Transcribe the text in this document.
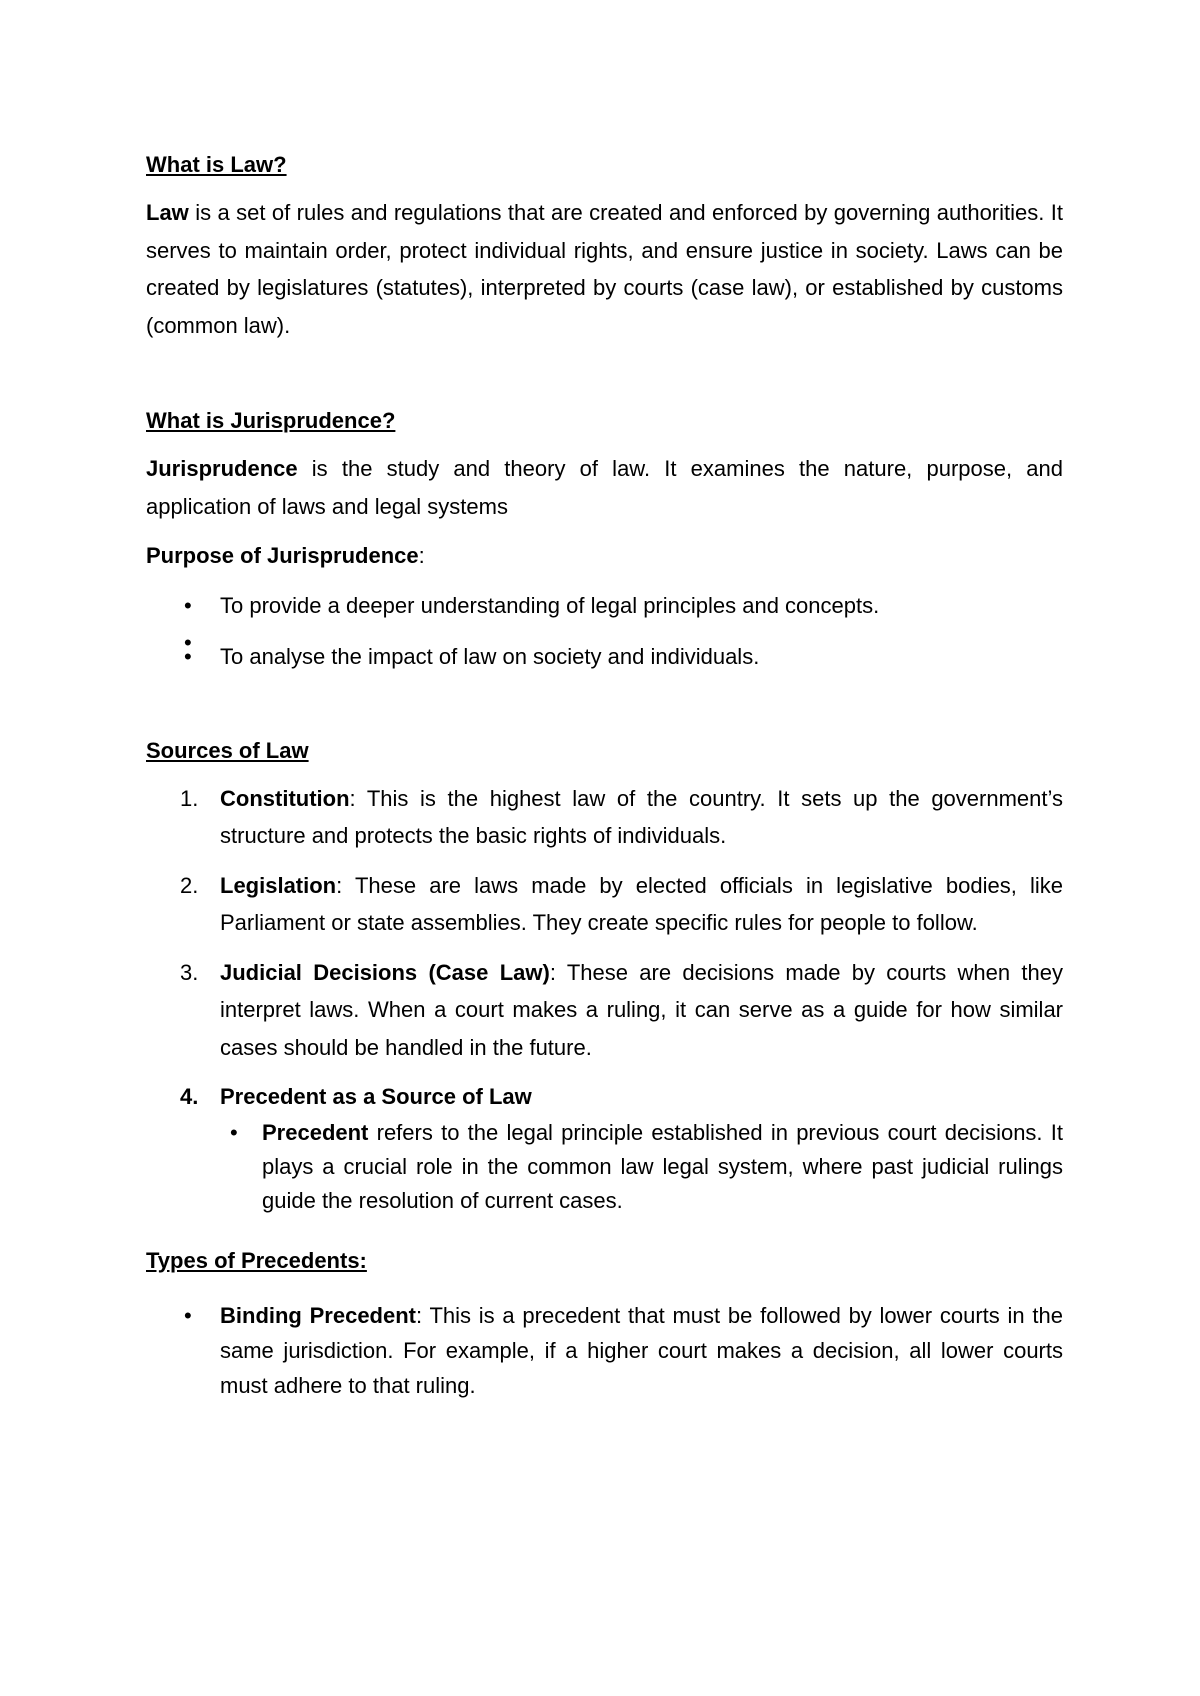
What is Law?

Law is a set of rules and regulations that are created and enforced by governing authorities. It serves to maintain order, protect individual rights, and ensure justice in society. Laws can be created by legislatures (statutes), interpreted by courts (case law), or established by customs (common law).

What is Jurisprudence?

Jurisprudence is the study and theory of law. It examines the nature, purpose, and application of laws and legal systems

Purpose of Jurisprudence:

• To provide a deeper understanding of legal principles and concepts.
•
• To analyse the impact of law on society and individuals.
Sources of Law
1. Constitution: This is the highest law of the country. It sets up the government’s structure and protects the basic rights of individuals.
2. Legislation: These are laws made by elected officials in legislative bodies, like Parliament or state assemblies. They create specific rules for people to follow.
3. Judicial Decisions (Case Law): These are decisions made by courts when they interpret laws. When a court makes a ruling, it can serve as a guide for how similar cases should be handled in the future.
4. Precedent as a Source of Law
• Precedent refers to the legal principle established in previous court decisions. It plays a crucial role in the common law legal system, where past judicial rulings guide the resolution of current cases.
Types of Precedents:
• Binding Precedent: This is a precedent that must be followed by lower courts in the same jurisdiction. For example, if a higher court makes a decision, all lower courts must adhere to that ruling.
